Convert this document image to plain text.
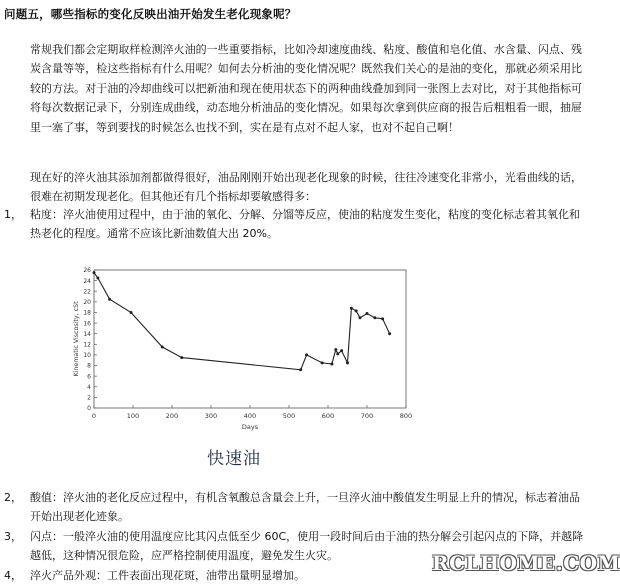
问题五，哪些指标的变化反映出油开始发生老化现象呢？
常规我们都会定期取样检测淬火油的一些重要指标，比如冷却速度曲线、粘度、酸值和皂化值、水含量、闪点、残炭含量等等，检这些指标有什么用呢？如何去分析油的变化情况呢？既然我们关心的是油的变化，那就必须采用比较的方法。对于油的冷却曲线可以把新油和现在使用状态下的两种曲线叠加到同一张图上去对比，对于其他指标可将每次数据记录下，分别连成曲线，动态地分析油品的变化情况。如果每次拿到供应商的报告后粗粗看一眼，抽屉里一塞了事，等到要找的时候怎么也找不到，实在是有点对不起人家，也对不起自己啊！
现在好的淬火油其添加剂都做得很好，油品刚刚开始出现老化现象的时候，往往冷速变化非常小，光看曲线的话，很难在初期发现老化。但其他还有几个指标却要敏感得多：
1， 粘度：淬火油使用过程中，由于油的氧化、分解、分馏等反应，使油的粘度发生变化，粘度的变化标志着其氧化和热老化的程度。通常不应该比新油数值大出 20%。
0	100	200	300	400	500	600	700	800
0
2
4
6
8
10
12
14
16
18
20
22
24
26
Days
Kinematic Viscosity, cSt
快速油
2， 酸值：淬火油的老化反应过程中，有机含氧酸总含量会上升，一旦淬火油中酸值发生明显上升的情况，标志着油品开始出现老化迹象。
3， 闪点：一般淬火油的使用温度应比其闪点低至少 60C，使用一段时间后由于油的热分解会引起闪点的下降，并越降越低，这种情况很危险，应严格控制使用温度，避免发生火灾。
4， 淬火产品外观：工件表面出现花斑，油带出量明显增加。
RCLHOME.COM
